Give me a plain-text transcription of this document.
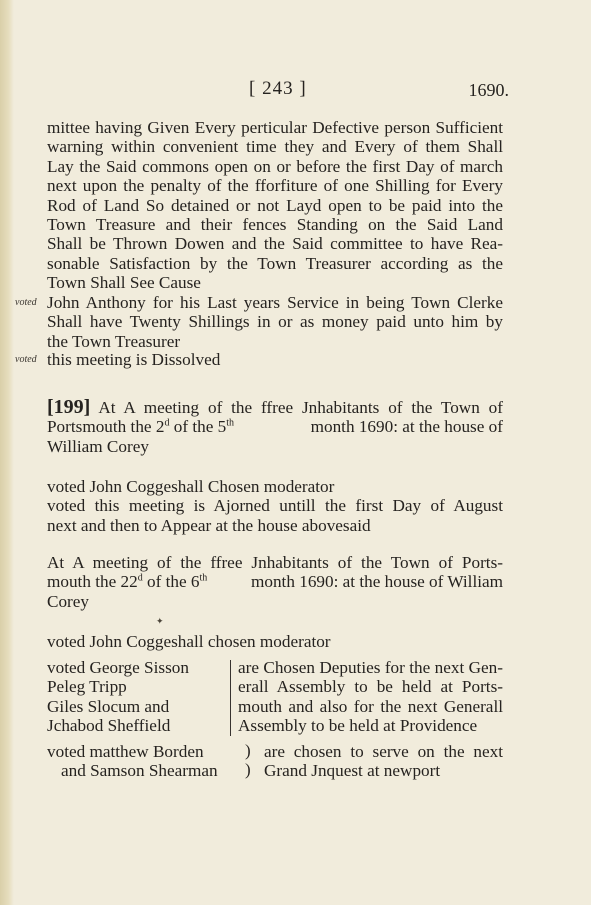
[ 243 ]	1690.
mittee having Given Every perticular Defective person Sufficient
warning within convenient time they and Every of them Shall
Lay the Said commons open on or before the first Day of march
next upon the penalty of the fforfiture of one Shilling for Every
Rod of Land So detained or not Layd open to be paid into the
Town Treasure and their fences Standing on the Said Land
Shall be Thrown Dowen and the Said committee to have Rea-
sonable Satisfaction by the Town Treasurer according as the
Town Shall See Cause
voted John Anthony for his Last years Service in being Town Clerke
Shall have Twenty Shillings in or as money paid unto him by
the Town Treasurer
voted this meeting is Dissolved
[199] At A meeting of the ffree Jnhabitants of the Town of
Portsmouth the 2$^d$ of the 5th	month 1690: at the house of
William Corey
voted John Coggeshall Chosen moderator
voted this meeting is Ajorned untill the first Day of August
next and then to Appear at the house abovesaid
At A meeting of the ffree Jnhabitants of the Town of Ports-
mouth the 22$^d$ of the 6th	month 1690: at the house of William
Corey
✦
voted John Coggeshall chosen moderator
voted George Sisson
Peleg Tripp
Giles Slocum and
Jchabod Sheffield
are Chosen Deputies for the next Gen-
erall Assembly to be held at Ports-
mouth and also for the next Generall
Assembly to be held at Providence
voted matthew Borden
and Samson Shearman
)
)
are chosen to serve on the next
Grand Jnquest at newport
